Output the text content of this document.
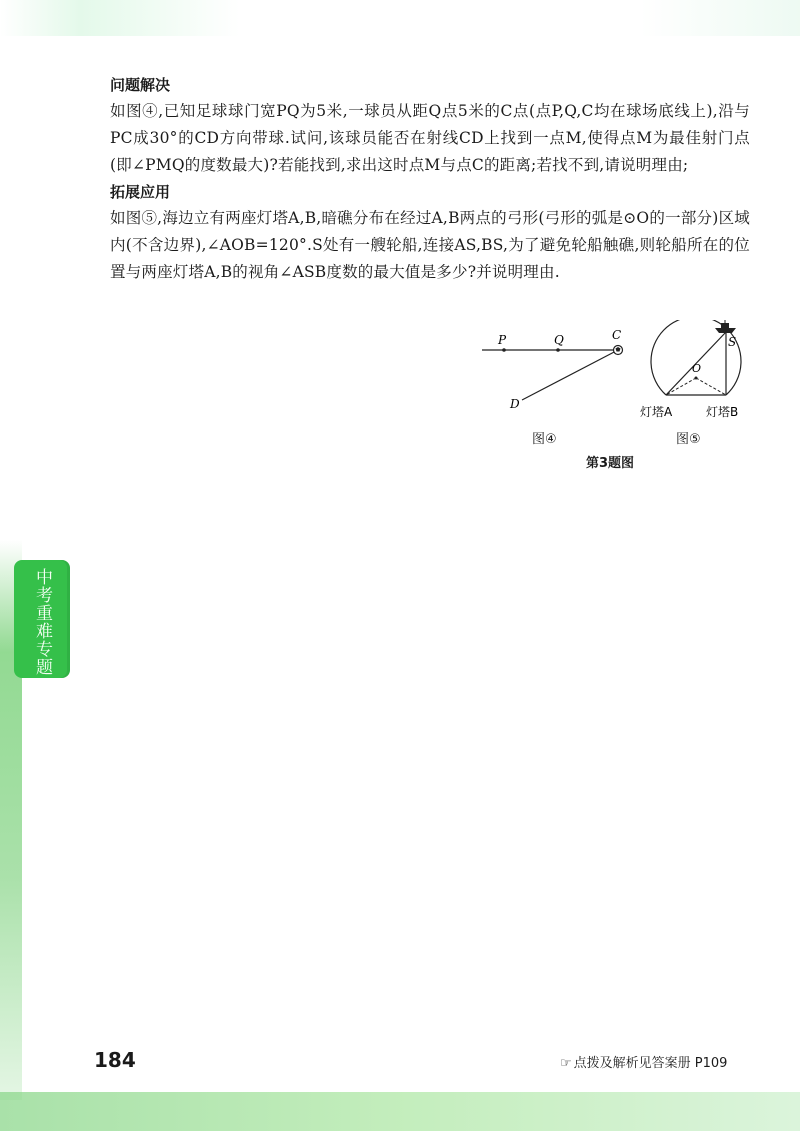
中考重难专题

问题解决

如图④,已知足球球门宽PQ为5米,一球员从距Q点5米的C点(点P,Q,C均在球场底线上),沿与PC成30°的CD方向带球.试问,该球员能否在射线CD上找到一点M,使得点M为最佳射门点(即∠PMQ的度数最大)?若能找到,求出这时点M与点C的距离;若找不到,请说明理由;

拓展应用

如图⑤,海边立有两座灯塔A,B,暗礁分布在经过A,B两点的弓形(弓形的弧是⊙O的一部分)区域内(不含边界),∠AOB=120°.S处有一艘轮船,连接AS,BS,为了避免轮船触礁,则轮船所在的位置与两座灯塔A,B的视角∠ASB度数的最大值是多少?并说明理由.

P	Q	C
D
S
O
灯塔A	灯塔B
图④	图⑤
第3题图
184	☞ 点拨及解析见答案册 P109
